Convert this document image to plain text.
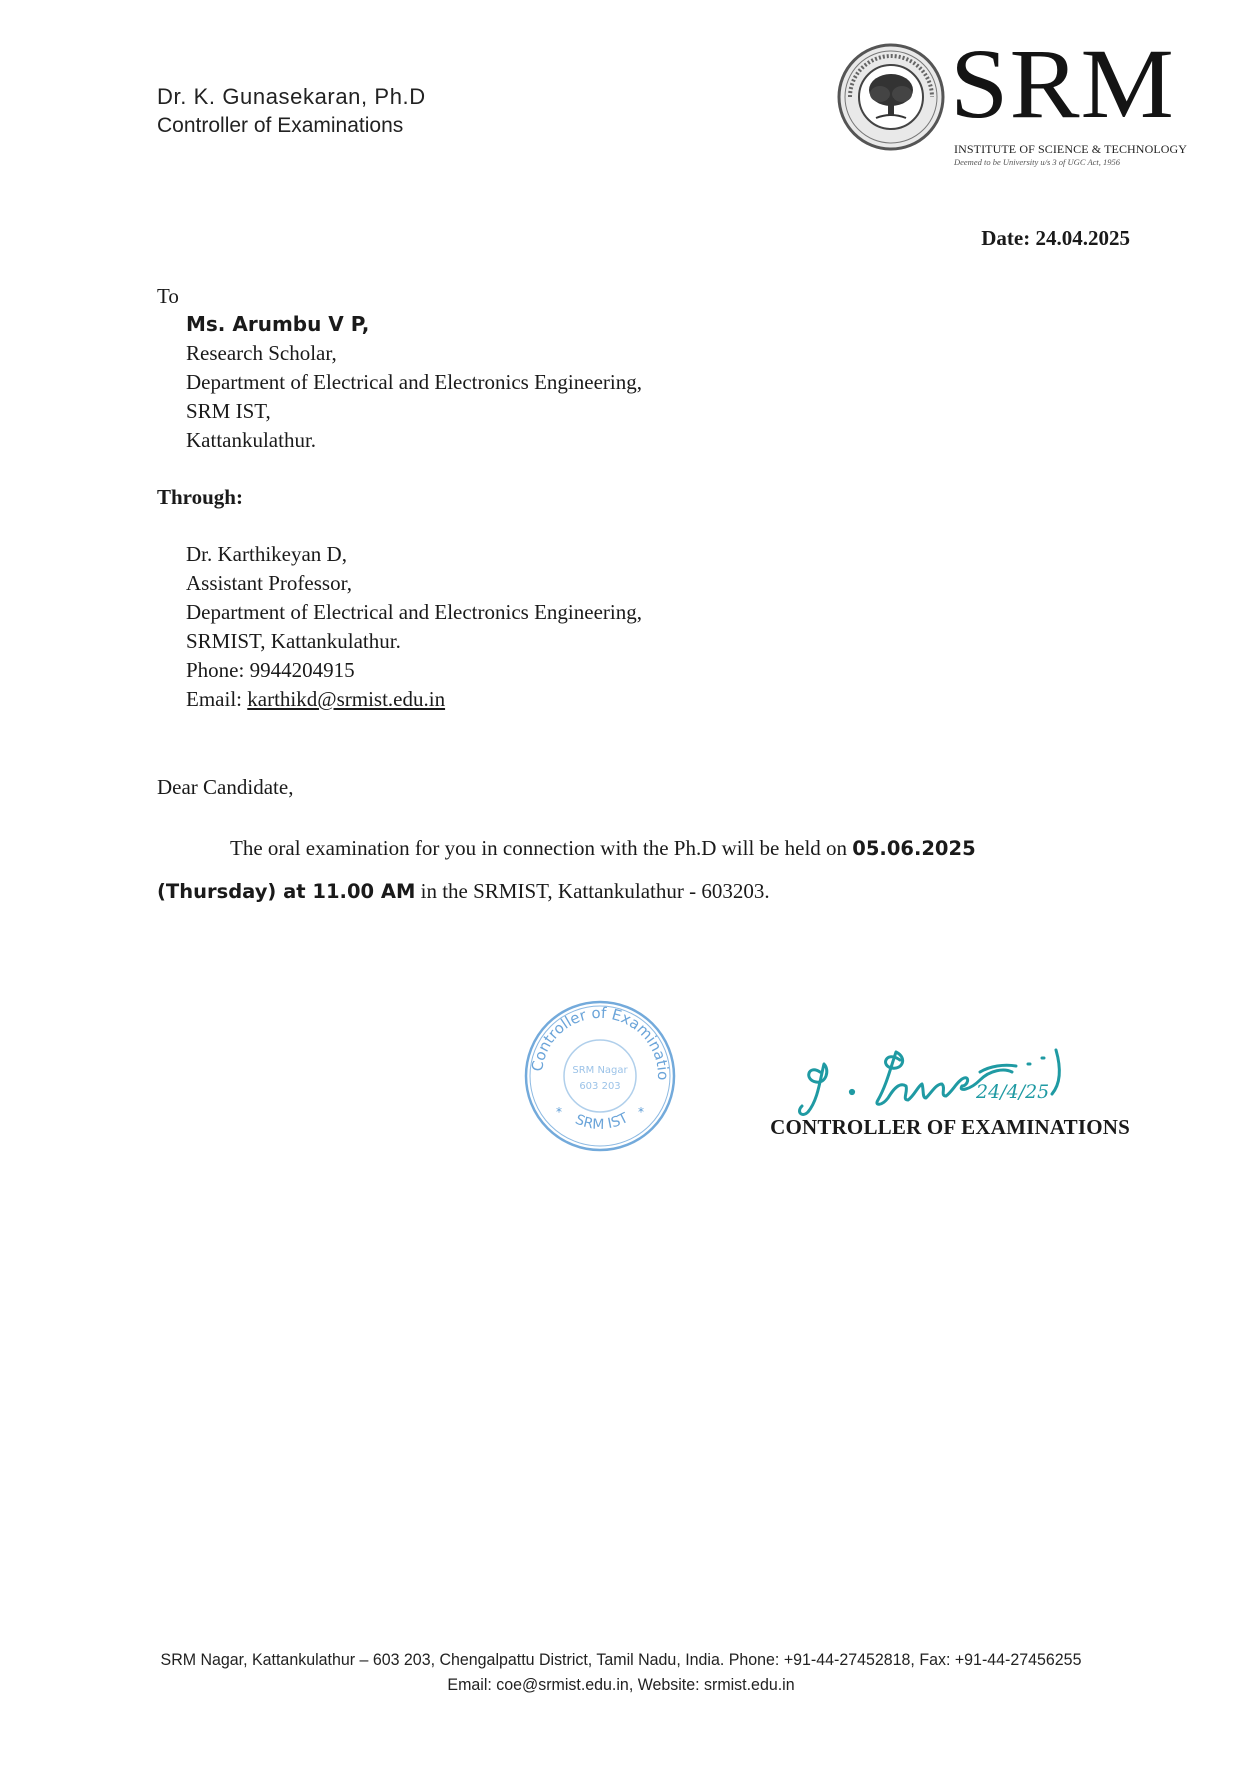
Dr. K. Gunasekaran, Ph.D
Controller of Examinations	SRM
INSTITUTE OF SCIENCE & TECHNOLOGY
Deemed to be University u/s 3 of UGC Act, 1956
Date: 24.04.2025
To
Ms. Arumbu V P,
Research Scholar,
Department of Electrical and Electronics Engineering,
SRM IST,
Kattankulathur.
Through:
Dr. Karthikeyan D,
Assistant Professor,
Department of Electrical and Electronics Engineering,
SRMIST, Kattankulathur.
Phone: 9944204915
Email: karthikd@srmist.edu.in
Dear Candidate,
The oral examination for you in connection with the Ph.D will be held on 05.06.2025
(Thursday) at 11.00 AM in the SRMIST, Kattankulathur - 603203.
Controller of Examinatio
SRM IST
SRM Nagar
603 203
*	*
24/4/25
CONTROLLER OF EXAMINATIONS
SRM Nagar, Kattankulathur – 603 203, Chengalpattu District, Tamil Nadu, India. Phone: +91-44-27452818, Fax: +91-44-27456255
Email: coe@srmist.edu.in, Website: srmist.edu.in
